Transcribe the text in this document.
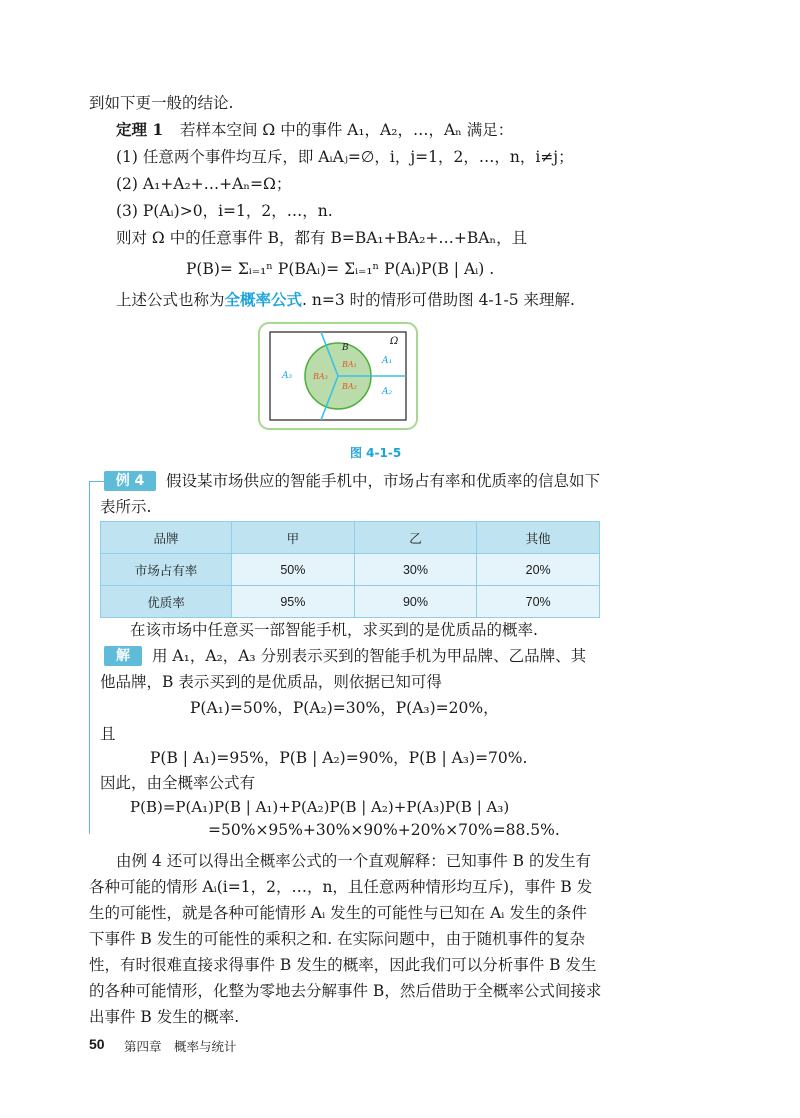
到如下更一般的结论.
定理 1 若样本空间 Ω 中的事件 A₁，A₂，…，Aₙ 满足：
(1) 任意两个事件均互斥，即 AᵢAⱼ=∅，i，j=1，2，…，n，i≠j；
(2) A₁+A₂+…+Aₙ=Ω；
(3) P(Aᵢ)>0，i=1，2，…，n.
则对 Ω 中的任意事件 B，都有 B=BA₁+BA₂+…+BAₙ，且
P(B)= Σᵢ₌₁ⁿ P(BAᵢ)= Σᵢ₌₁ⁿ P(Aᵢ)P(B | Aᵢ) .
上述公式也称为全概率公式. n=3 时的情形可借助图 4-1-5 来理解.
Ω
B
A₁
A₂
A₃
BA₁
BA₂
BA₃
图 4-1-5
例 4	假设某市场供应的智能手机中，市场占有率和优质率的信息如下
表所示.
品牌	甲	乙	其他
市场占有率	50%	30%	20%
优质率	95%	90%	70%
在该市场中任意买一部智能手机，求买到的是优质品的概率.
解	用 A₁，A₂，A₃ 分别表示买到的智能手机为甲品牌、乙品牌、其
他品牌，B 表示买到的是优质品，则依据已知可得
P(A₁)=50%，P(A₂)=30%，P(A₃)=20%，
且
P(B | A₁)=95%，P(B | A₂)=90%，P(B | A₃)=70%.
因此，由全概率公式有
P(B)=P(A₁)P(B | A₁)+P(A₂)P(B | A₂)+P(A₃)P(B | A₃)
=50%×95%+30%×90%+20%×70%=88.5%.
由例 4 还可以得出全概率公式的一个直观解释：已知事件 B 的发生有
各种可能的情形 Aᵢ(i=1，2，…，n，且任意两种情形均互斥)，事件 B 发
生的可能性，就是各种可能情形 Aᵢ 发生的可能性与已知在 Aᵢ 发生的条件
下事件 B 发生的可能性的乘积之和. 在实际问题中，由于随机事件的复杂
性，有时很难直接求得事件 B 发生的概率，因此我们可以分析事件 B 发生
的各种可能情形，化整为零地去分解事件 B，然后借助于全概率公式间接求
出事件 B 发生的概率.
50 第四章　概率与统计
